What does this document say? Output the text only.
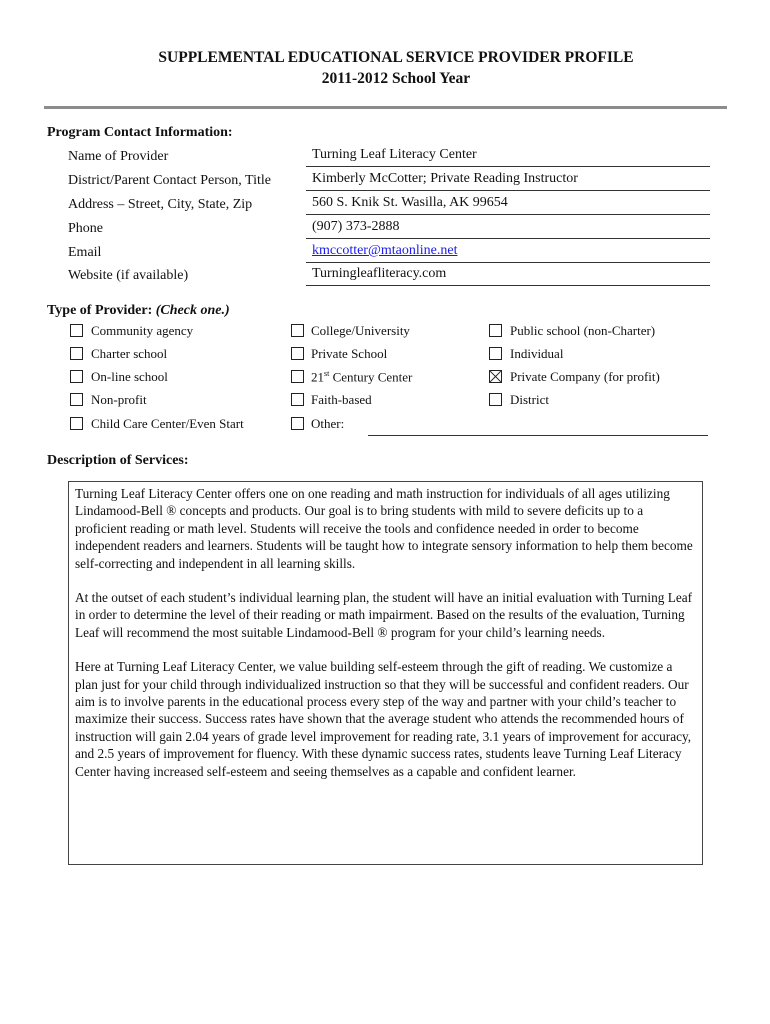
SUPPLEMENTAL EDUCATIONAL SERVICE PROVIDER PROFILE
2011-2012 School Year
Program Contact Information:
Name of Provider	Turning Leaf Literacy Center
District/Parent Contact Person, Title	Kimberly McCotter; Private Reading Instructor
Address – Street, City, State, Zip	560 S. Knik St. Wasilla, AK 99654
Phone	(907) 373-2888
Email	kmccotter@mtaonline.net
Website (if available)	Turningleafliteracy.com
Type of Provider: (Check one.)
Community agency
Charter school
On-line school
Non-profit
Child Care Center/Even Start
College/University
Private School
21st Century Center
Faith-based
Other:
Public school (non-Charter)
Individual
Private Company (for profit)
District
Description of Services:

Turning Leaf Literacy Center offers one on one reading and math instruction for individuals of all ages utilizing Lindamood-Bell ® concepts and products. Our goal is to bring students with mild to severe deficits up to a proficient reading or math level. Students will receive the tools and confidence needed in order to become independent readers and learners. Students will be taught how to integrate sensory information to help them become self-correcting and independent in all learning skills.

At the outset of each student’s individual learning plan, the student will have an initial evaluation with Turning Leaf in order to determine the level of their reading or math impairment. Based on the results of the evaluation, Turning Leaf will recommend the most suitable Lindamood-Bell ® program for your child’s learning needs.

Here at Turning Leaf Literacy Center, we value building self-esteem through the gift of reading. We customize a plan just for your child through individualized instruction so that they will be successful and confident readers. Our aim is to involve parents in the educational process every step of the way and partner with your child’s teacher to maximize their success. Success rates have shown that the average student who attends the recommended hours of instruction will gain 2.04 years of grade level improvement for reading rate, 3.1 years of improvement for accuracy, and 2.5 years of improvement for fluency. With these dynamic success rates, students leave Turning Leaf Literacy Center having increased self-esteem and seeing themselves as a capable and confident learner.
